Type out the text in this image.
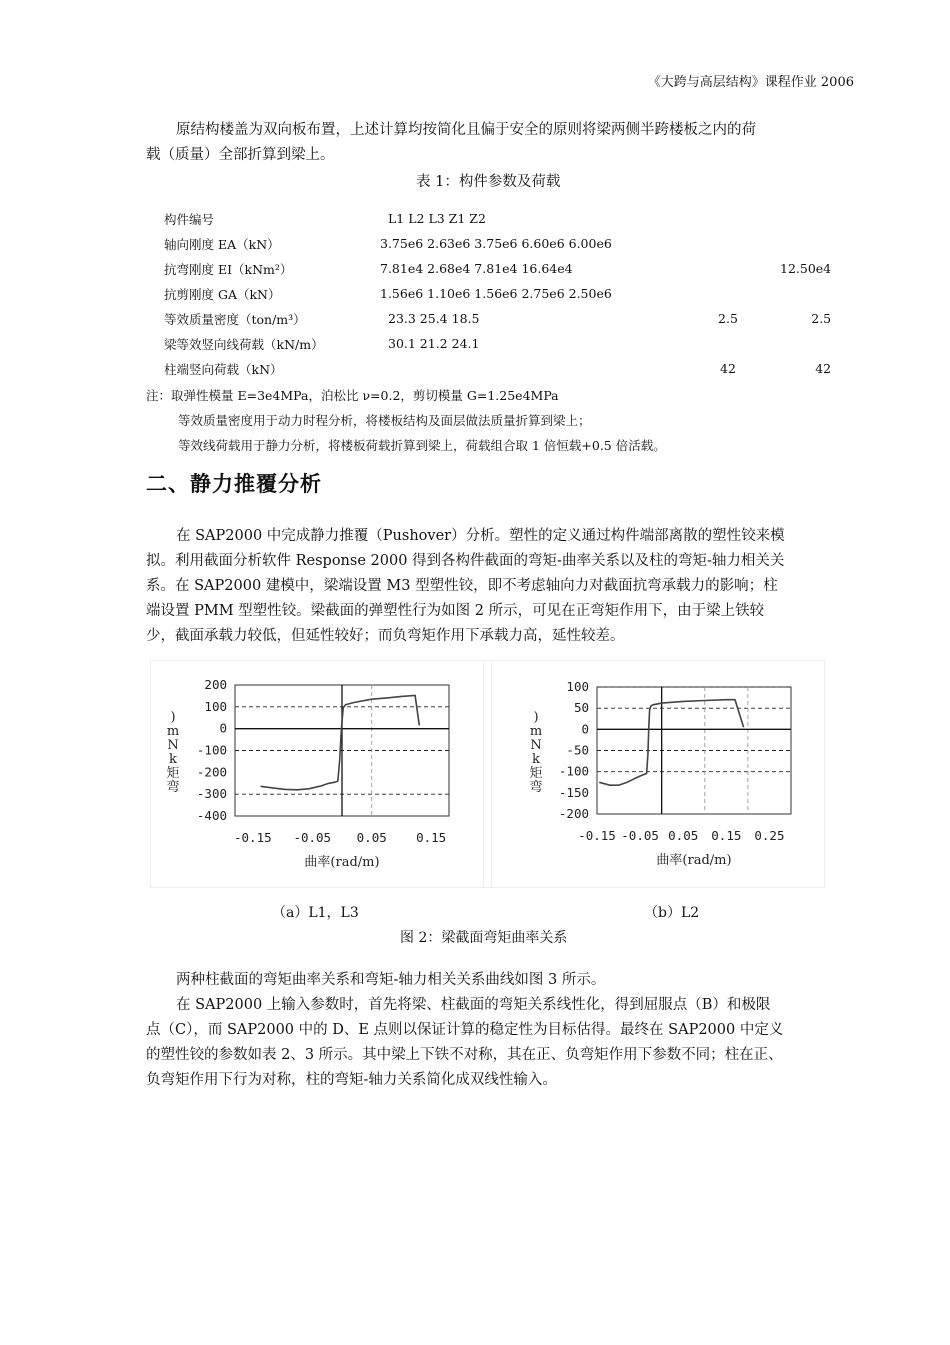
《大跨与高层结构》课程作业 2006
原结构楼盖为双向板布置，上述计算均按简化且偏于安全的原则将梁两侧半跨楼板之内的荷
载（质量）全部折算到梁上。
表 1：构件参数及荷载
构件编号	L1 L2 L3 Z1 Z2		
轴向刚度 EA（kN）	3.75e6 2.63e6 3.75e6 6.60e6 6.00e6		
抗弯刚度 EI（kNm²）	7.81e4 2.68e4 7.81e4 16.64e4		12.50e4
抗剪刚度 GA（kN）	1.56e6 1.10e6 1.56e6 2.75e6 2.50e6		
等效质量密度（ton/m³）	23.3 25.4 18.5	2.5	2.5
梁等效竖向线荷载（kN/m）	30.1 21.2 24.1		
柱端竖向荷载（kN）		42	42
注：取弹性模量 E=3e4MPa，泊松比 ν=0.2，剪切模量 G=1.25e4MPa
等效质量密度用于动力时程分析，将楼板结构及面层做法质量折算到梁上；
等效线荷载用于静力分析，将楼板荷载折算到梁上，荷载组合取 1 倍恒载+0.5 倍活载。
二、静力推覆分析
在 SAP2000 中完成静力推覆（Pushover）分析。塑性的定义通过构件端部离散的塑性铰来模
拟。利用截面分析软件 Response 2000 得到各构件截面的弯矩-曲率关系以及柱的弯矩-轴力相关关
系。在 SAP2000 建模中，梁端设置 M3 型塑性铰，即不考虑轴向力对截面抗弯承载力的影响；柱
端设置 PMM 型塑性铰。梁截面的弹塑性行为如图 2 所示，可见在正弯矩作用下，由于梁上铁较
少，截面承载力较低，但延性较好；而负弯矩作用下承载力高，延性较差。
200
100
0
-100
-200
-300
-400
-0.15 -0.05 0.05 0.15
曲率(rad/m)
)
m
N
k
矩
弯
100
50
0
-50
-100
-150
-200
-0.15 -0.05 0.05 0.15 0.25
曲率(rad/m)
)
m
N
k
矩
弯
（a）L1，L3	（b）L2
图 2：梁截面弯矩曲率关系
两种柱截面的弯矩曲率关系和弯矩-轴力相关关系曲线如图 3 所示。
在 SAP2000 上输入参数时，首先将梁、柱截面的弯矩关系线性化，得到屈服点（B）和极限
点（C），而 SAP2000 中的 D、E 点则以保证计算的稳定性为目标估得。最终在 SAP2000 中定义
的塑性铰的参数如表 2、3 所示。其中梁上下铁不对称，其在正、负弯矩作用下参数不同；柱在正、
负弯矩作用下行为对称，柱的弯矩-轴力关系简化成双线性输入。
